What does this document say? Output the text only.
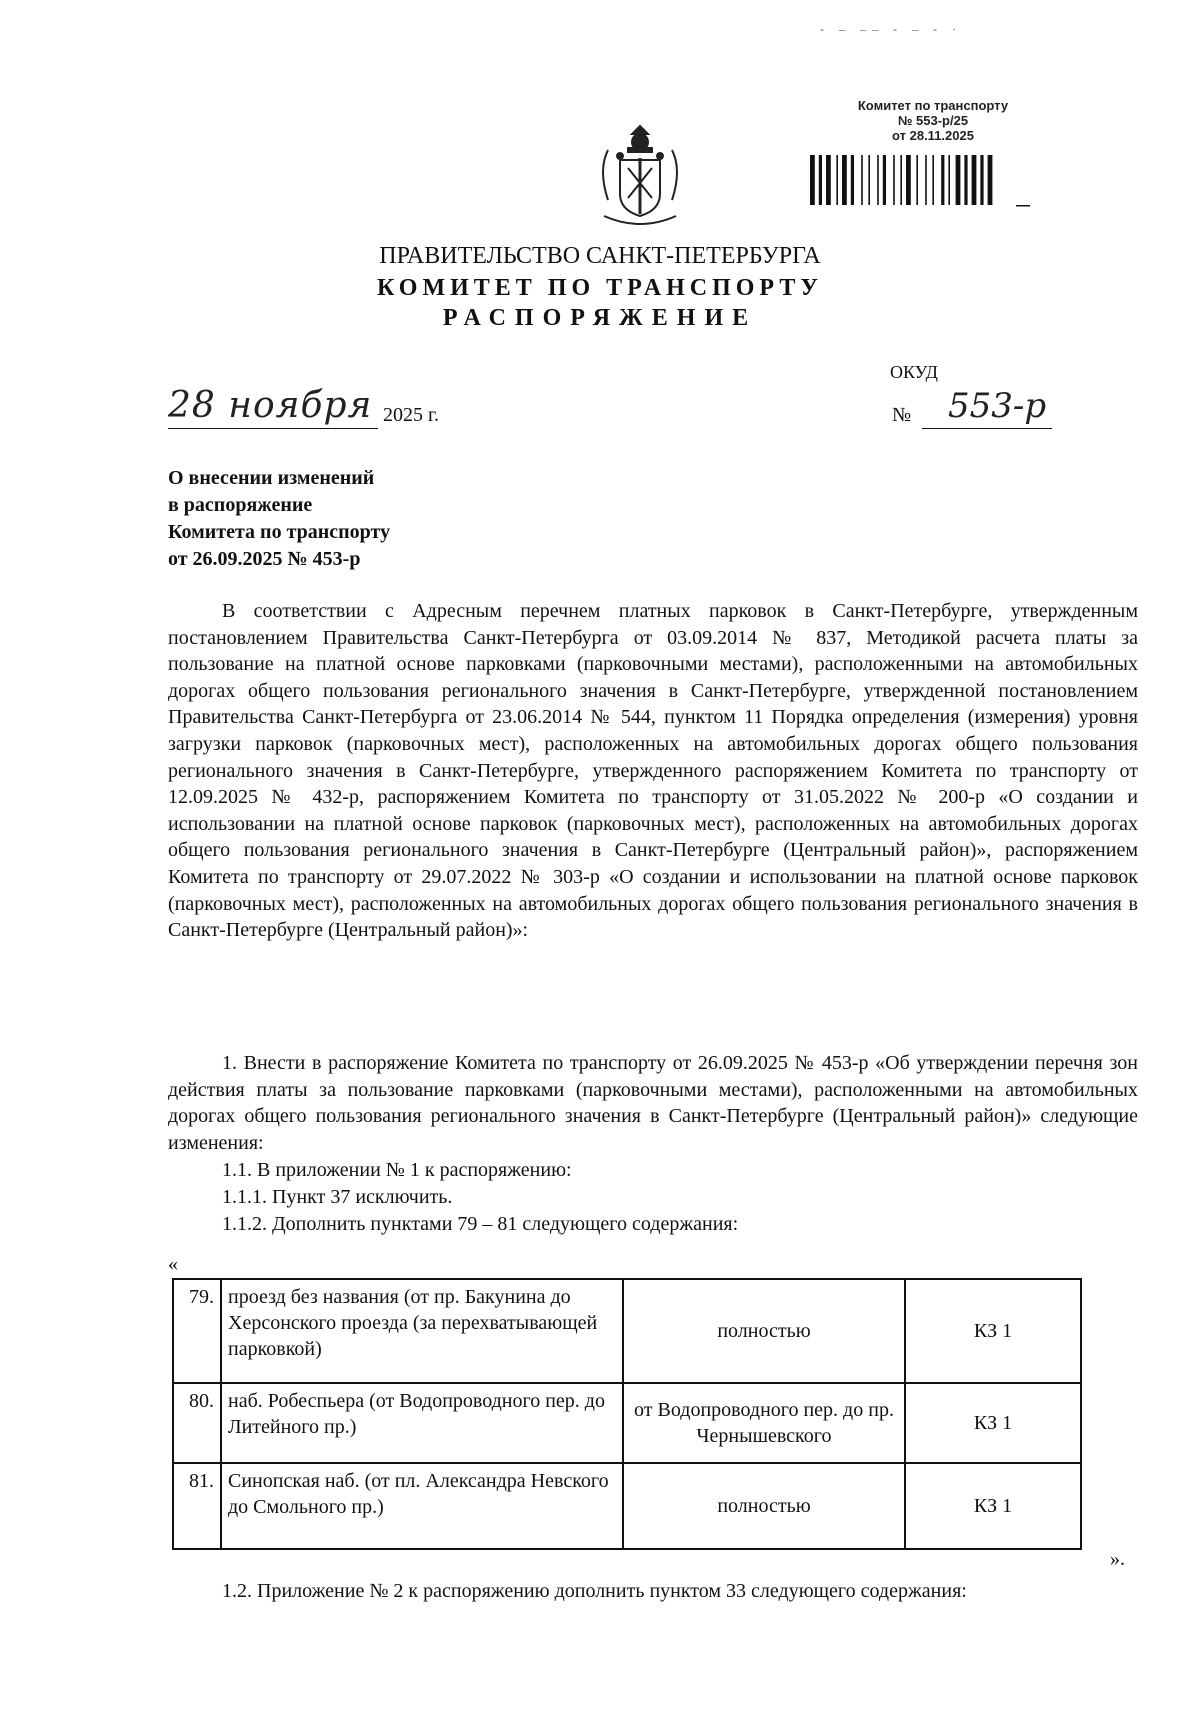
‐ ‒ ‒‒ ‐ ‒ ‐ ·
Комитет по транспорту
№ 553-р/25
от 28.11.2025
ПРАВИТЕЛЬСТВО САНКТ-ПЕТЕРБУРГА
КОМИТЕТ ПО ТРАНСПОРТУ
РАСПОРЯЖЕНИЕ
ОКУД
28 ноября 2025 г.	№ 553-р
О внесении изменений
в распоряжение
Комитета по транспорту
от 26.09.2025 № 453-р
В соответствии с Адресным перечнем платных парковок в Санкт-Петербурге, утвержденным постановлением Правительства Санкт-Петербурга от 03.09.2014 № 837, Методикой расчета платы за пользование на платной основе парковками (парковочными местами), расположенными на автомобильных дорогах общего пользования регионального значения в Санкт-Петербурге, утвержденной постановлением Правительства Санкт-Петербурга от 23.06.2014 № 544, пунктом 11 Порядка определения (измерения) уровня загрузки парковок (парковочных мест), расположенных на автомобильных дорогах общего пользования регионального значения в Санкт-Петербурге, утвержденного распоряжением Комитета по транспорту от 12.09.2025 № 432-р, распоряжением Комитета по транспорту от 31.05.2022 № 200-р «О создании и использовании на платной основе парковок (парковочных мест), расположенных на автомобильных дорогах общего пользования регионального значения в Санкт-Петербурге (Центральный район)», распоряжением Комитета по транспорту от 29.07.2022 № 303-р «О создании и использовании на платной основе парковок (парковочных мест), расположенных на автомобильных дорогах общего пользования регионального значения в Санкт-Петербурге (Центральный район)»:
1. Внести в распоряжение Комитета по транспорту от 26.09.2025 № 453-р «Об утверждении перечня зон действия платы за пользование парковками (парковочными местами), расположенными на автомобильных дорогах общего пользования регионального значения в Санкт-Петербурге (Центральный район)» следующие изменения:
1.1. В приложении № 1 к распоряжению:
1.1.1. Пункт 37 исключить.
1.1.2. Дополнить пунктами 79 – 81 следующего содержания:
«
79.	проезд без названия (от пр. Бакунина до Херсонского проезда (за перехватывающей парковкой)	полностью	КЗ 1
80.	наб. Робеспьера (от Водопроводного пер. до Литейного пр.)	от Водопроводного пер. до пр. Чернышевского	КЗ 1
81.	Синопская наб. (от пл. Александра Невского до Смольного пр.)	полностью	КЗ 1
».
1.2. Приложение № 2 к распоряжению дополнить пунктом 33 следующего содержания:
